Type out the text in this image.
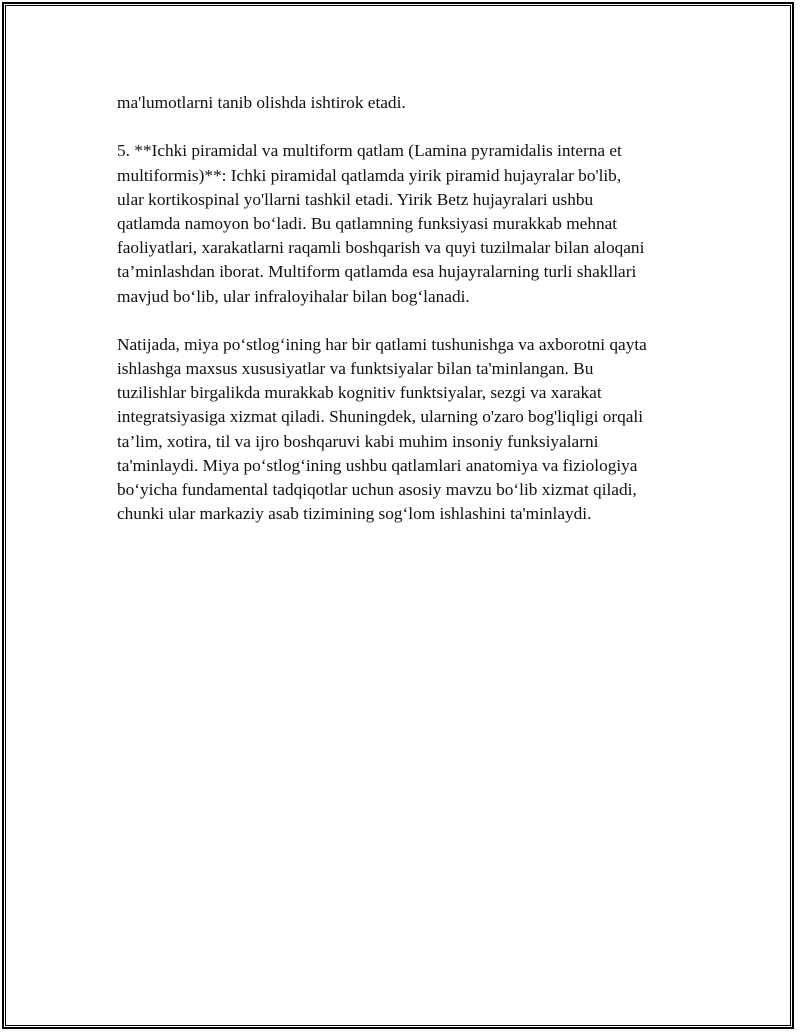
ma'lumotlarni tanib olishda ishtirok etadi.

5. **Ichki piramidal va multiform qatlam (Lamina pyramidalis interna et
multiformis)**: Ichki piramidal qatlamda yirik piramid hujayralar bo'lib,
ular kortikospinal yo'llarni tashkil etadi. Yirik Betz hujayralari ushbu
qatlamda namoyon bo‘ladi. Bu qatlamning funksiyasi murakkab mehnat
faoliyatlari, xarakatlarni raqamli boshqarish va quyi tuzilmalar bilan aloqani
ta’minlashdan iborat. Multiform qatlamda esa hujayralarning turli shakllari
mavjud bo‘lib, ular infraloyihalar bilan bog‘lanadi.

Natijada, miya po‘stlog‘ining har bir qatlami tushunishga va axborotni qayta
ishlashga maxsus xususiyatlar va funktsiyalar bilan ta'minlangan. Bu
tuzilishlar birgalikda murakkab kognitiv funktsiyalar, sezgi va xarakat
integratsiyasiga xizmat qiladi. Shuningdek, ularning o'zaro bog'liqligi orqali
ta’lim, xotira, til va ijro boshqaruvi kabi muhim insoniy funksiyalarni
ta'minlaydi. Miya po‘stlog‘ining ushbu qatlamlari anatomiya va fiziologiya
bo‘yicha fundamental tadqiqotlar uchun asosiy mavzu bo‘lib xizmat qiladi,
chunki ular markaziy asab tizimining sog‘lom ishlashini ta'minlaydi.
